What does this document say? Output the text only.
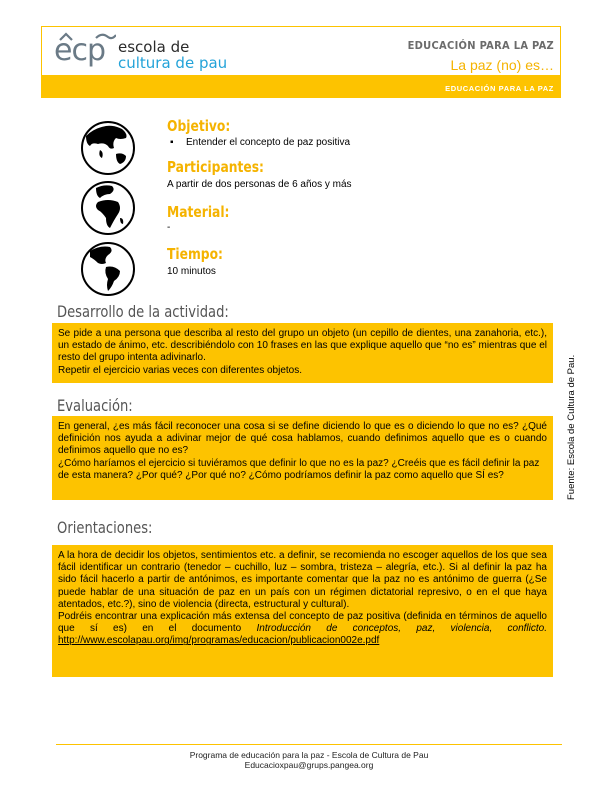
ecp escola de
cultura de pau
EDUCACIÓN PARA LA PAZ
La paz (no) es…
EDUCACIÓN PARA LA PAZ
Objetivo:
▪ Entender el concepto de paz positiva
Participantes:
A partir de dos personas de 6 años y más
Material:
-
Tiempo:
10 minutos
Desarrollo de la actividad:

Se pide a una persona que describa al resto del grupo un objeto (un cepillo de dientes, una zanahoria, etc.), un estado de ánimo, etc. describiéndolo con 10 frases en las que explique aquello que “no es” mientras que el resto del grupo intenta adivinarlo.

Repetir el ejercicio varias veces con diferentes objetos.

Evaluación:

En general, ¿es más fácil reconocer una cosa si se define diciendo lo que es o diciendo lo que no es? ¿Qué definición nos ayuda a adivinar mejor de qué cosa hablamos, cuando definimos aquello que es o cuando definimos aquello que no es?

¿Cómo haríamos el ejercicio si tuviéramos que definir lo que no es la paz? ¿Creéis que es fácil definir la paz de esta manera? ¿Por qué? ¿Por qué no? ¿Cómo podríamos definir la paz como aquello que SÍ es?

Orientaciones:

A la hora de decidir los objetos, sentimientos etc. a definir, se recomienda no escoger aquellos de los que sea fácil identificar un contrario (tenedor – cuchillo, luz – sombra, tristeza – alegría, etc.). Si al definir la paz ha sido fácil hacerlo a partir de antónimos, es importante comentar que la paz no es antónimo de guerra (¿Se puede hablar de una situación de paz en un país con un régimen dictatorial represivo, o en el que haya atentados, etc.?), sino de violencia (directa, estructural y cultural).

Podréis encontrar una explicación más extensa del concepto de paz positiva (definida en términos de aquello que sí es) en el documento Introducción de conceptos, paz, violencia, conflicto. http://www.escolapau.org/img/programas/educacion/publicacion002e.pdf

Fuente: Escola de Cultura de Pau.
Programa de educación para la paz - Escola de Cultura de Pau
Educacioxpau@grups.pangea.org
